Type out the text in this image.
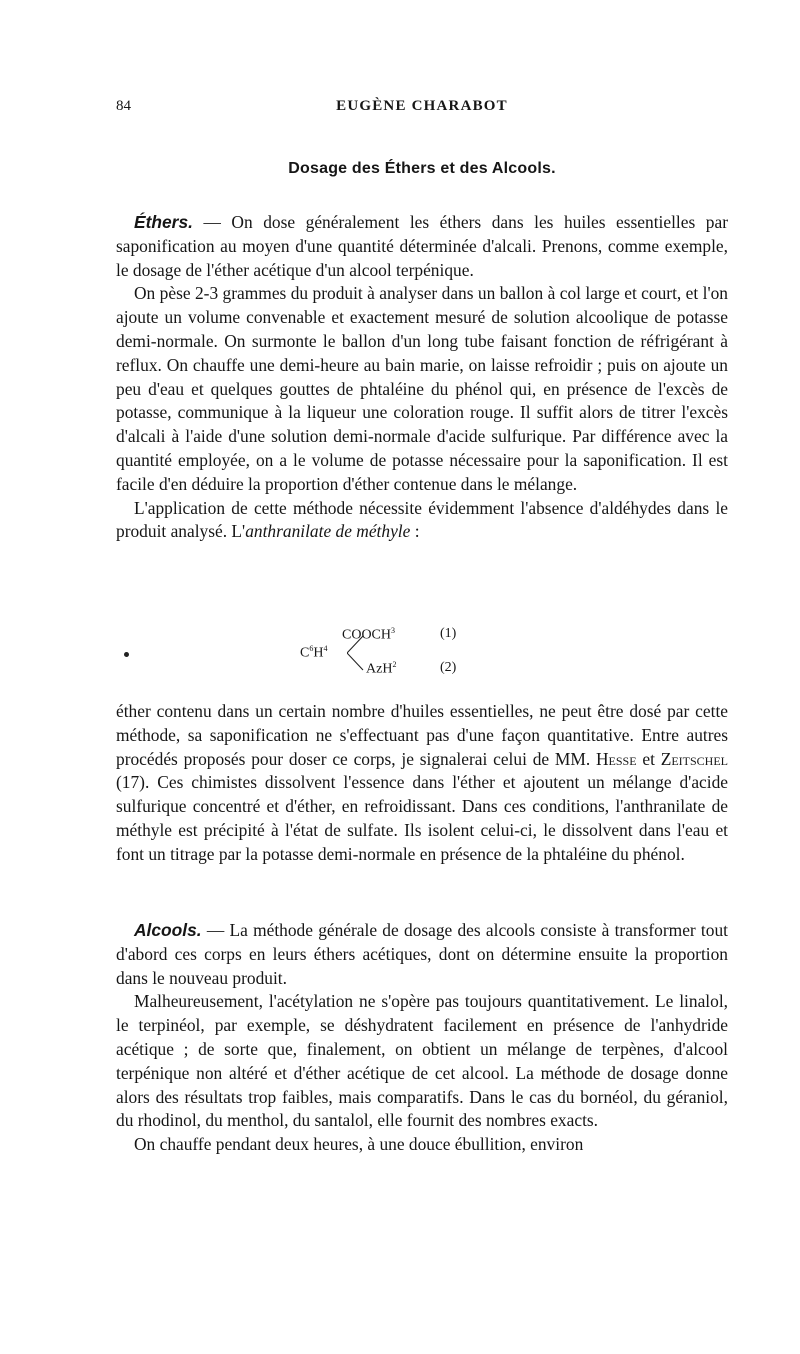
84	EUGÈNE CHARABOT
Dosage des Éthers et des Alcools.

Éthers. — On dose généralement les éthers dans les huiles essentielles par saponification au moyen d'une quantité déterminée d'alcali. Prenons, comme exemple, le dosage de l'éther acétique d'un alcool terpénique.

On pèse 2-3 grammes du produit à analyser dans un ballon à col large et court, et l'on ajoute un volume convenable et exactement mesuré de solution alcoolique de potasse demi-normale. On surmonte le ballon d'un long tube faisant fonction de réfrigérant à reflux. On chauffe une demi-heure au bain marie, on laisse refroidir ; puis on ajoute un peu d'eau et quelques gouttes de phtaléine du phénol qui, en présence de l'excès de potasse, communique à la liqueur une coloration rouge. Il suffit alors de titrer l'excès d'alcali à l'aide d'une solution demi-normale d'acide sulfurique. Par différence avec la quantité employée, on a le volume de potasse nécessaire pour la saponification. Il est facile d'en déduire la proportion d'éther contenue dans le mélange.

L'application de cette méthode nécessite évidemment l'absence d'aldéhydes dans le produit analysé. L'anthranilate de méthyle :

COOCH$^3$
$C^6H^4$
AzH$^2$
(1)
(2)

éther contenu dans un certain nombre d'huiles essentielles, ne peut être dosé par cette méthode, sa saponification ne s'effectuant pas d'une façon quantitative. Entre autres procédés proposés pour doser ce corps, je signalerai celui de MM. Hesse et Zeitschel (17). Ces chimistes dissolvent l'essence dans l'éther et ajoutent un mélange d'acide sulfurique concentré et d'éther, en refroidissant. Dans ces conditions, l'anthranilate de méthyle est précipité à l'état de sulfate. Ils isolent celui-ci, le dissolvent dans l'eau et font un titrage par la potasse demi-normale en présence de la phtaléine du phénol.

Alcools. — La méthode générale de dosage des alcools consiste à transformer tout d'abord ces corps en leurs éthers acétiques, dont on détermine ensuite la proportion dans le nouveau produit.

Malheureusement, l'acétylation ne s'opère pas toujours quantitativement. Le linalol, le terpinéol, par exemple, se déshydratent facilement en présence de l'anhydride acétique ; de sorte que, finalement, on obtient un mélange de terpènes, d'alcool terpénique non altéré et d'éther acétique de cet alcool. La méthode de dosage donne alors des résultats trop faibles, mais comparatifs. Dans le cas du bornéol, du géraniol, du rhodinol, du menthol, du santalol, elle fournit des nombres exacts.

On chauffe pendant deux heures, à une douce ébullition, environ
